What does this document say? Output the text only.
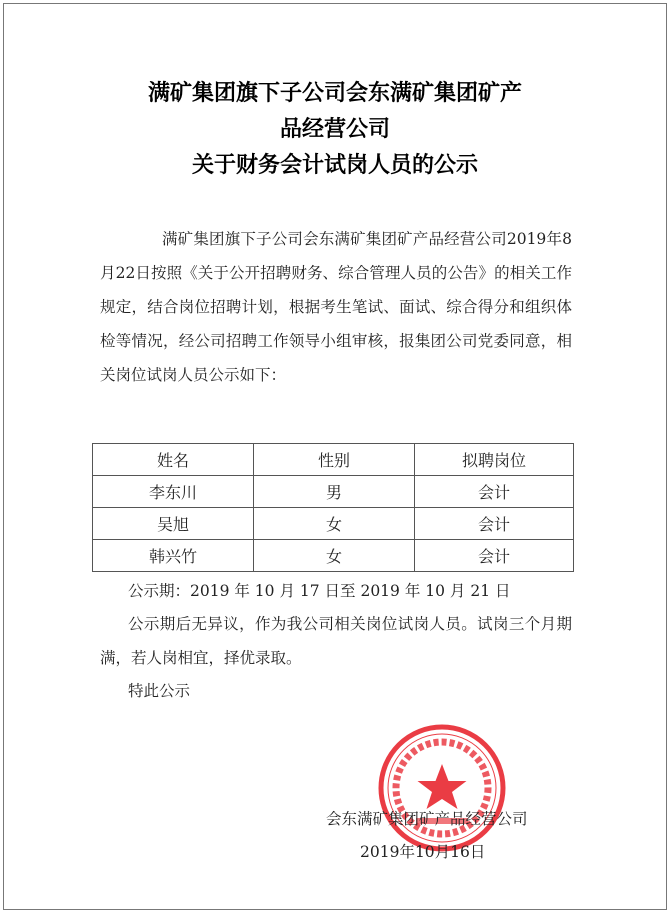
满矿集团旗下子公司会东满矿集团矿产
品经营公司
关于财务会计试岗人员的公示
满矿集团旗下子公司会东满矿集团矿产品经营公司2019年8月22日按照《关于公开招聘财务、综合管理人员的公告》的相关工作规定，结合岗位招聘计划，根据考生笔试、面试、综合得分和组织体检等情况，经公司招聘工作领导小组审核，报集团公司党委同意，相关岗位试岗人员公示如下：
姓名	性别	拟聘岗位
李东川	男	会计
吴旭	女	会计
韩兴竹	女	会计
公示期：2019 年 10 月 17 日至 2019 年 10 月 21 日
公示期后无异议，作为我公司相关岗位试岗人员。试岗三个月期满，若人岗相宜，择优录取。
特此公示
会东满矿集团矿产品经营公司
2019年10月16日
